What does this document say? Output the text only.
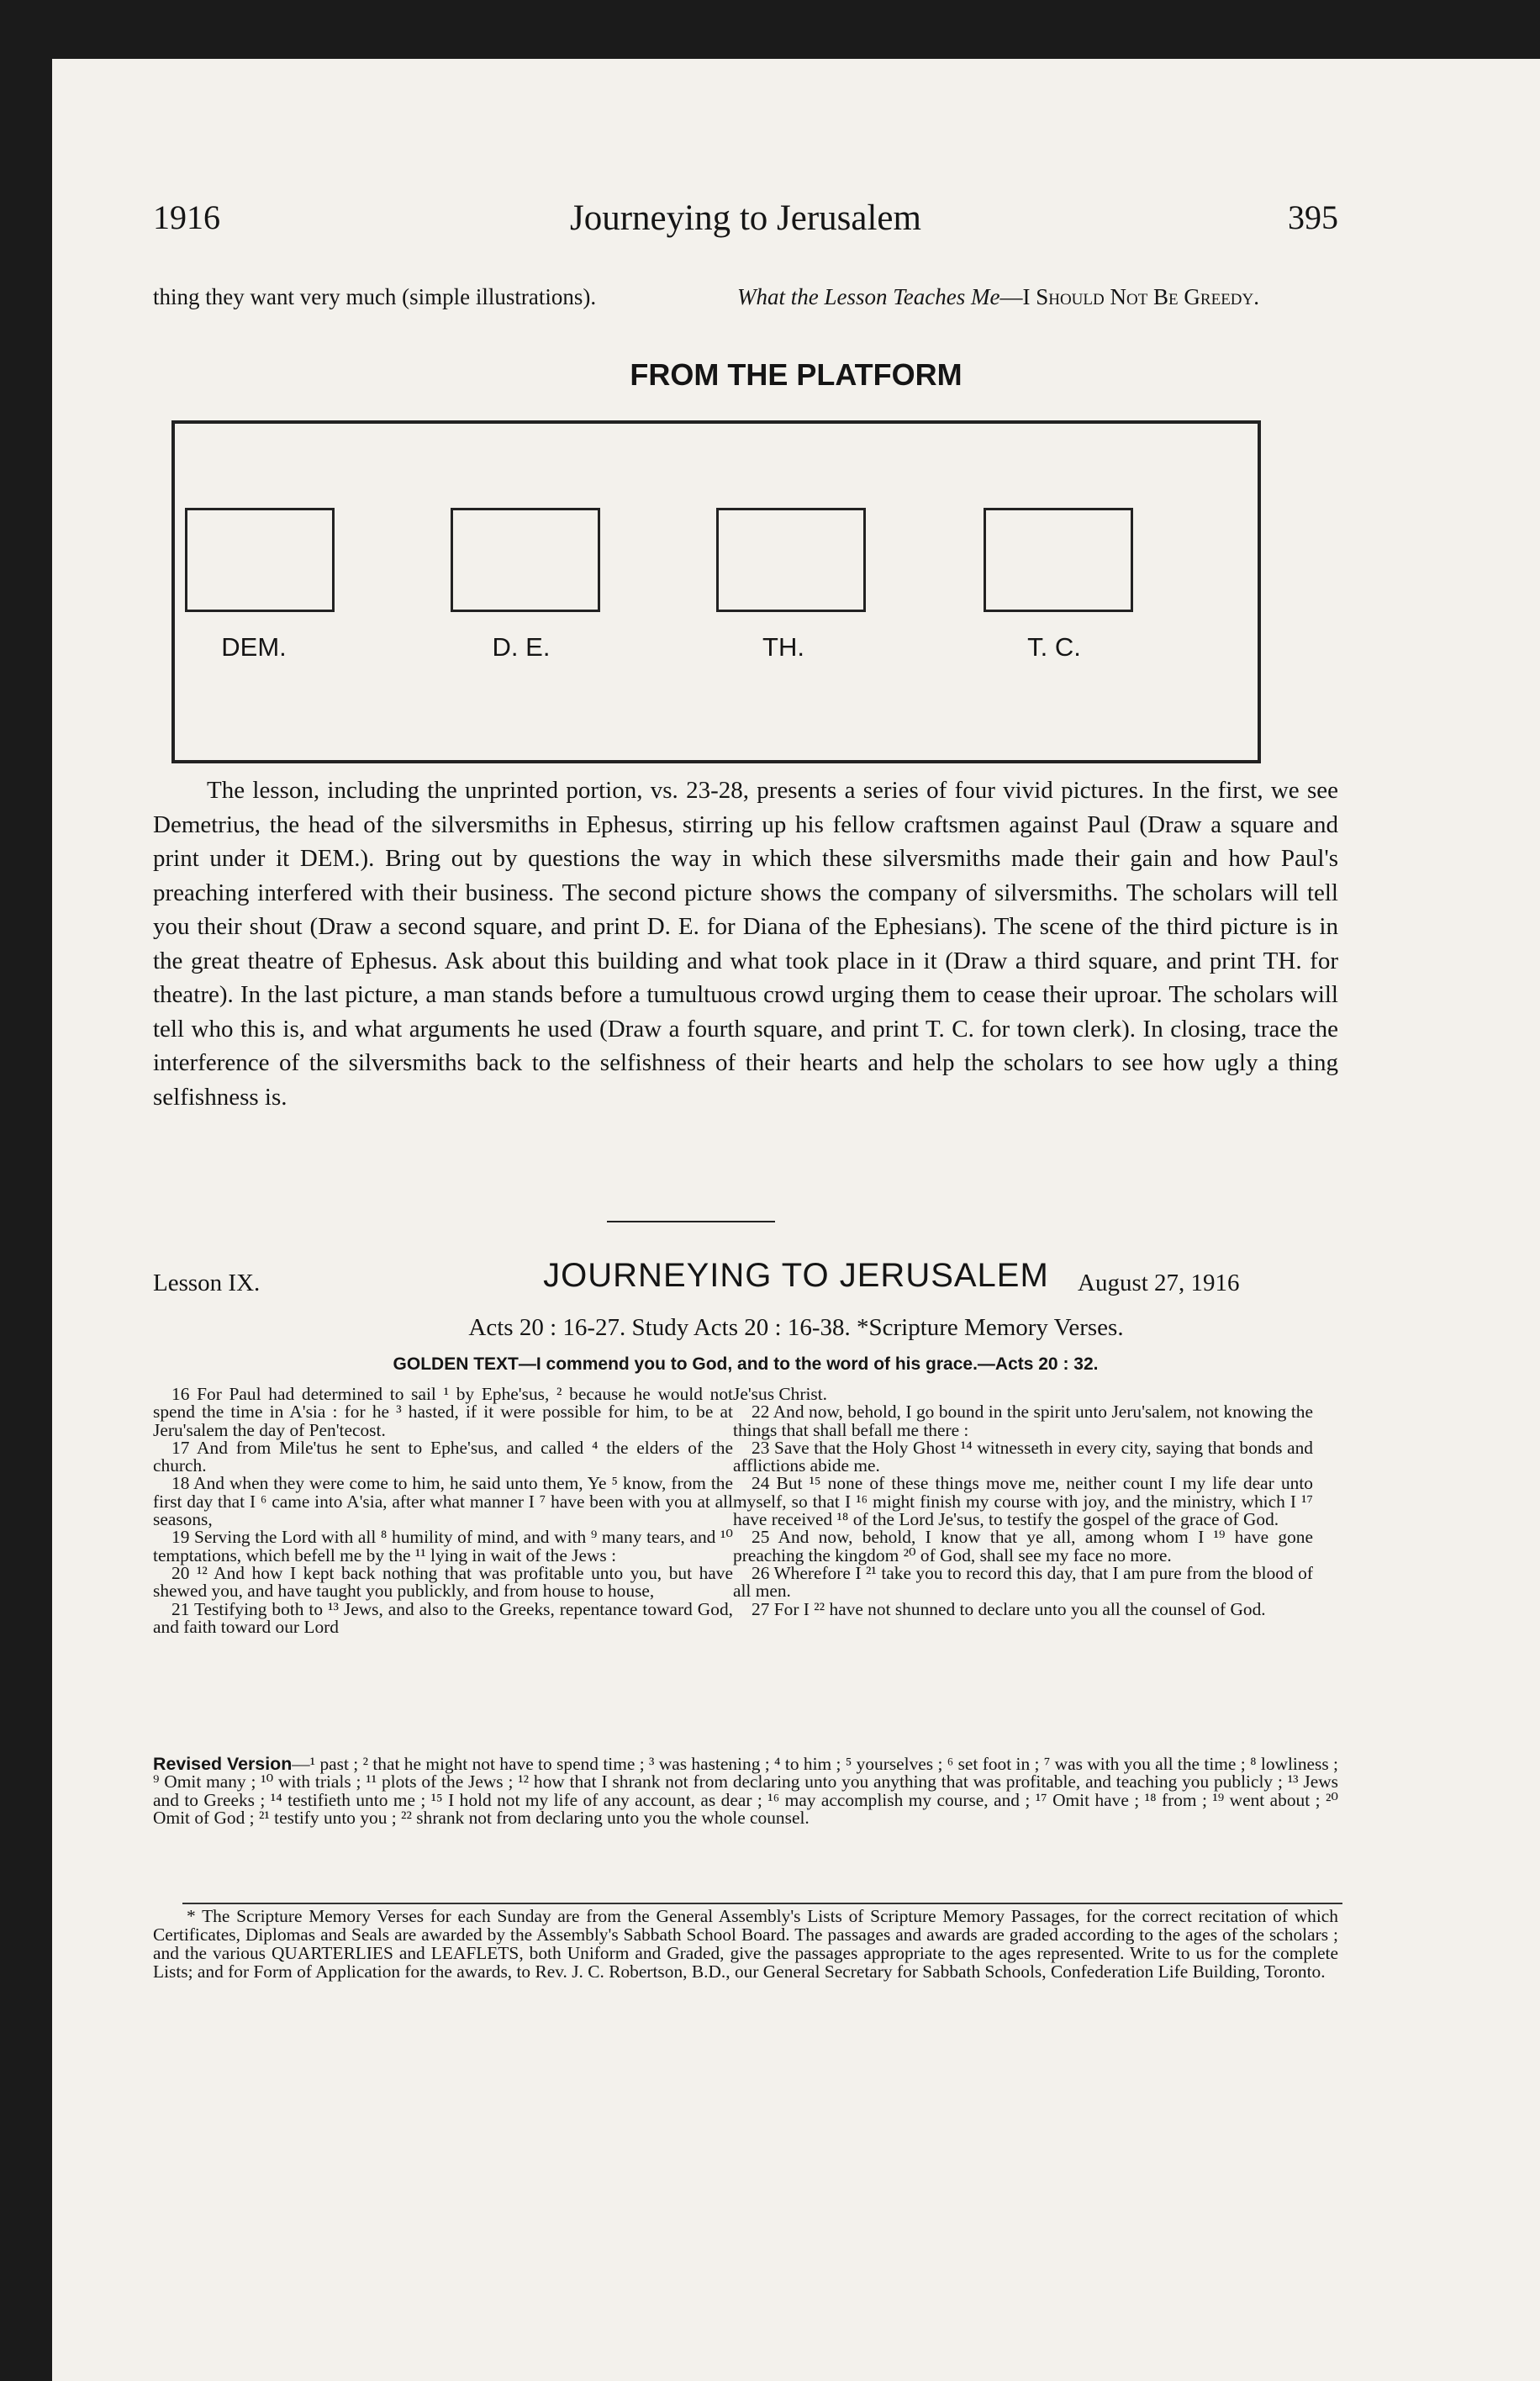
1916	Journeying to Jerusalem	395
thing they want very much (simple illustrations).	What the Lesson Teaches Me—I Should Not Be Greedy.
FROM THE PLATFORM
DEM.	D. E.	TH.	T. C.
The lesson, including the unprinted portion, vs. 23-28, presents a series of four vivid pictures. In the first, we see Demetrius, the head of the silversmiths in Ephesus, stirring up his fellow craftsmen against Paul (Draw a square and print under it DEM.). Bring out by questions the way in which these silversmiths made their gain and how Paul's preaching interfered with their business. The second picture shows the company of silversmiths. The scholars will tell you their shout (Draw a second square, and print D. E. for Diana of the Ephesians). The scene of the third picture is in the great theatre of Ephesus. Ask about this building and what took place in it (Draw a third square, and print TH. for theatre). In the last picture, a man stands before a tumultuous crowd urging them to cease their uproar. The scholars will tell who this is, and what arguments he used (Draw a fourth square, and print T. C. for town clerk). In closing, trace the interference of the silversmiths back to the selfishness of their hearts and help the scholars to see how ugly a thing selfishness is.
Lesson IX.	JOURNEYING TO JERUSALEM	August 27, 1916
Acts 20 : 16-27. Study Acts 20 : 16-38. *Scripture Memory Verses.
GOLDEN TEXT—I commend you to God, and to the word of his grace.—Acts 20 : 32.

16 For Paul had determined to sail ¹ by Ephe'sus, ² because he would not spend the time in A'sia : for he ³ hasted, if it were possible for him, to be at Jeru'salem the day of Pen'tecost.

17 And from Mile'tus he sent to Ephe'sus, and called ⁴ the elders of the church.

18 And when they were come to him, he said unto them, Ye ⁵ know, from the first day that I ⁶ came into A'sia, after what manner I ⁷ have been with you at all seasons,

19 Serving the Lord with all ⁸ humility of mind, and with ⁹ many tears, and ¹⁰ temptations, which befell me by the ¹¹ lying in wait of the Jews :

20 ¹² And how I kept back nothing that was profitable unto you, but have shewed you, and have taught you publickly, and from house to house,

21 Testifying both to ¹³ Jews, and also to the Greeks, repentance toward God, and faith toward our Lord

Je'sus Christ.

22 And now, behold, I go bound in the spirit unto Jeru'salem, not knowing the things that shall befall me there :

23 Save that the Holy Ghost ¹⁴ witnesseth in every city, saying that bonds and afflictions abide me.

24 But ¹⁵ none of these things move me, neither count I my life dear unto myself, so that I ¹⁶ might finish my course with joy, and the ministry, which I ¹⁷ have received ¹⁸ of the Lord Je'sus, to testify the gospel of the grace of God.

25 And now, behold, I know that ye all, among whom I ¹⁹ have gone preaching the kingdom ²⁰ of God, shall see my face no more.

26 Wherefore I ²¹ take you to record this day, that I am pure from the blood of all men.

27 For I ²² have not shunned to declare unto you all the counsel of God.

Revised Version—¹ past ; ² that he might not have to spend time ; ³ was hastening ; ⁴ to him ; ⁵ yourselves ; ⁶ set foot in ; ⁷ was with you all the time ; ⁸ lowliness ; ⁹ Omit many ; ¹⁰ with trials ; ¹¹ plots of the Jews ; ¹² how that I shrank not from declaring unto you anything that was profitable, and teaching you publicly ; ¹³ Jews and to Greeks ; ¹⁴ testifieth unto me ; ¹⁵ I hold not my life of any account, as dear ; ¹⁶ may accomplish my course, and ; ¹⁷ Omit have ; ¹⁸ from ; ¹⁹ went about ; ²⁰ Omit of God ; ²¹ testify unto you ; ²² shrank not from declaring unto you the whole counsel.
* The Scripture Memory Verses for each Sunday are from the General Assembly's Lists of Scripture Memory Passages, for the correct recitation of which Certificates, Diplomas and Seals are awarded by the Assembly's Sabbath School Board. The passages and awards are graded according to the ages of the scholars ; and the various QUARTERLIES and LEAFLETS, both Uniform and Graded, give the passages appropriate to the ages represented. Write to us for the complete Lists; and for Form of Application for the awards, to Rev. J. C. Robertson, B.D., our General Secretary for Sabbath Schools, Confederation Life Building, Toronto.
